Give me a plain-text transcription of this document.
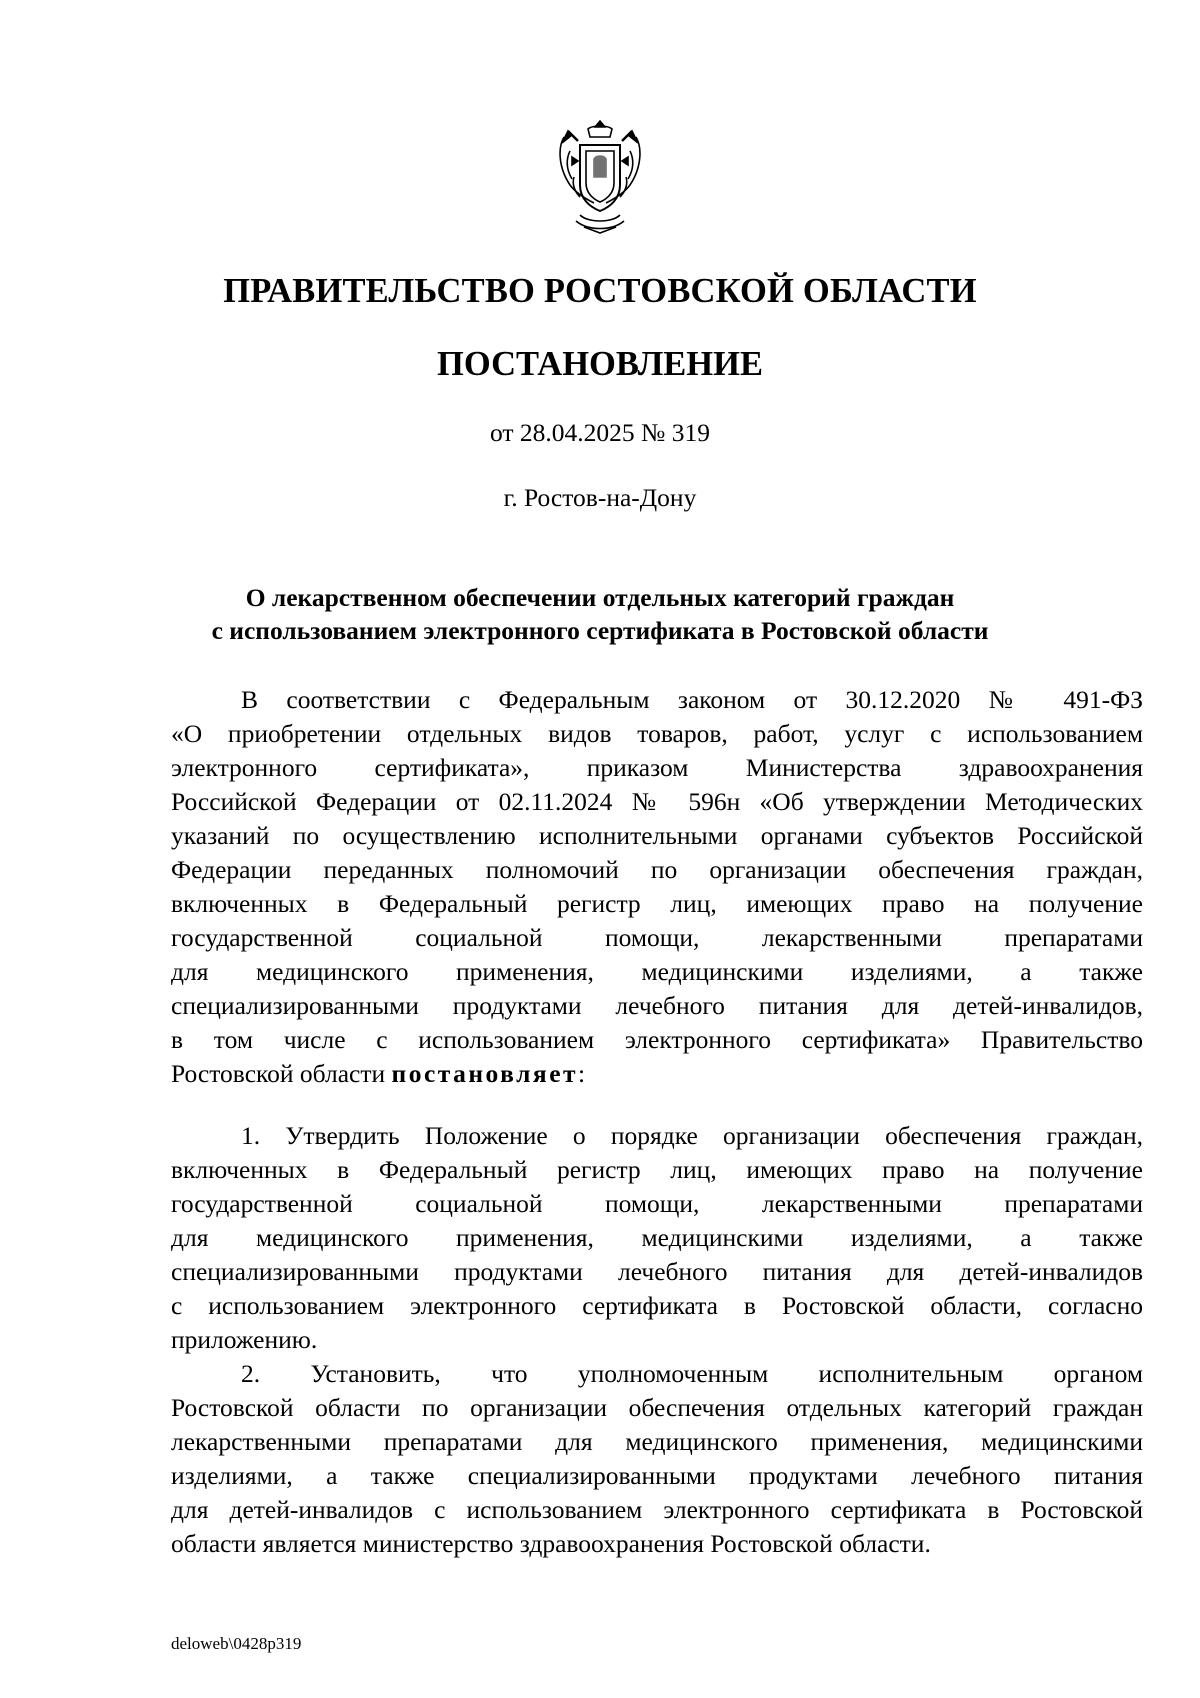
ПРАВИТЕЛЬСТВО РОСТОВСКОЙ ОБЛАСТИ
ПОСТАНОВЛЕНИЕ
от 28.04.2025 № 319
г. Ростов-на-Дону
О лекарственном обеспечении отдельных категорий граждан
с использованием электронного сертификата в Ростовской области
В соответствии с Федеральным законом от 30.12.2020 № 491-ФЗ
«О приобретении отдельных видов товаров, работ, услуг с использованием
электронного сертификата», приказом Министерства здравоохранения
Российской Федерации от 02.11.2024 № 596н «Об утверждении Методических
указаний по осуществлению исполнительными органами субъектов Российской
Федерации переданных полномочий по организации обеспечения граждан,
включенных в Федеральный регистр лиц, имеющих право на получение
государственной социальной помощи, лекарственными препаратами
для медицинского применения, медицинскими изделиями, а также
специализированными продуктами лечебного питания для детей-инвалидов,
в том числе с использованием электронного сертификата» Правительство
Ростовской области постановляет:
1. Утвердить Положение о порядке организации обеспечения граждан,
включенных в Федеральный регистр лиц, имеющих право на получение
государственной социальной помощи, лекарственными препаратами
для медицинского применения, медицинскими изделиями, а также
специализированными продуктами лечебного питания для детей-инвалидов
с использованием электронного сертификата в Ростовской области, согласно
приложению.
2. Установить, что уполномоченным исполнительным органом
Ростовской области по организации обеспечения отдельных категорий граждан
лекарственными препаратами для медицинского применения, медицинскими
изделиями, а также специализированными продуктами лечебного питания
для детей-инвалидов с использованием электронного сертификата в Ростовской
области является министерство здравоохранения Ростовской области.
deloweb\0428p319
